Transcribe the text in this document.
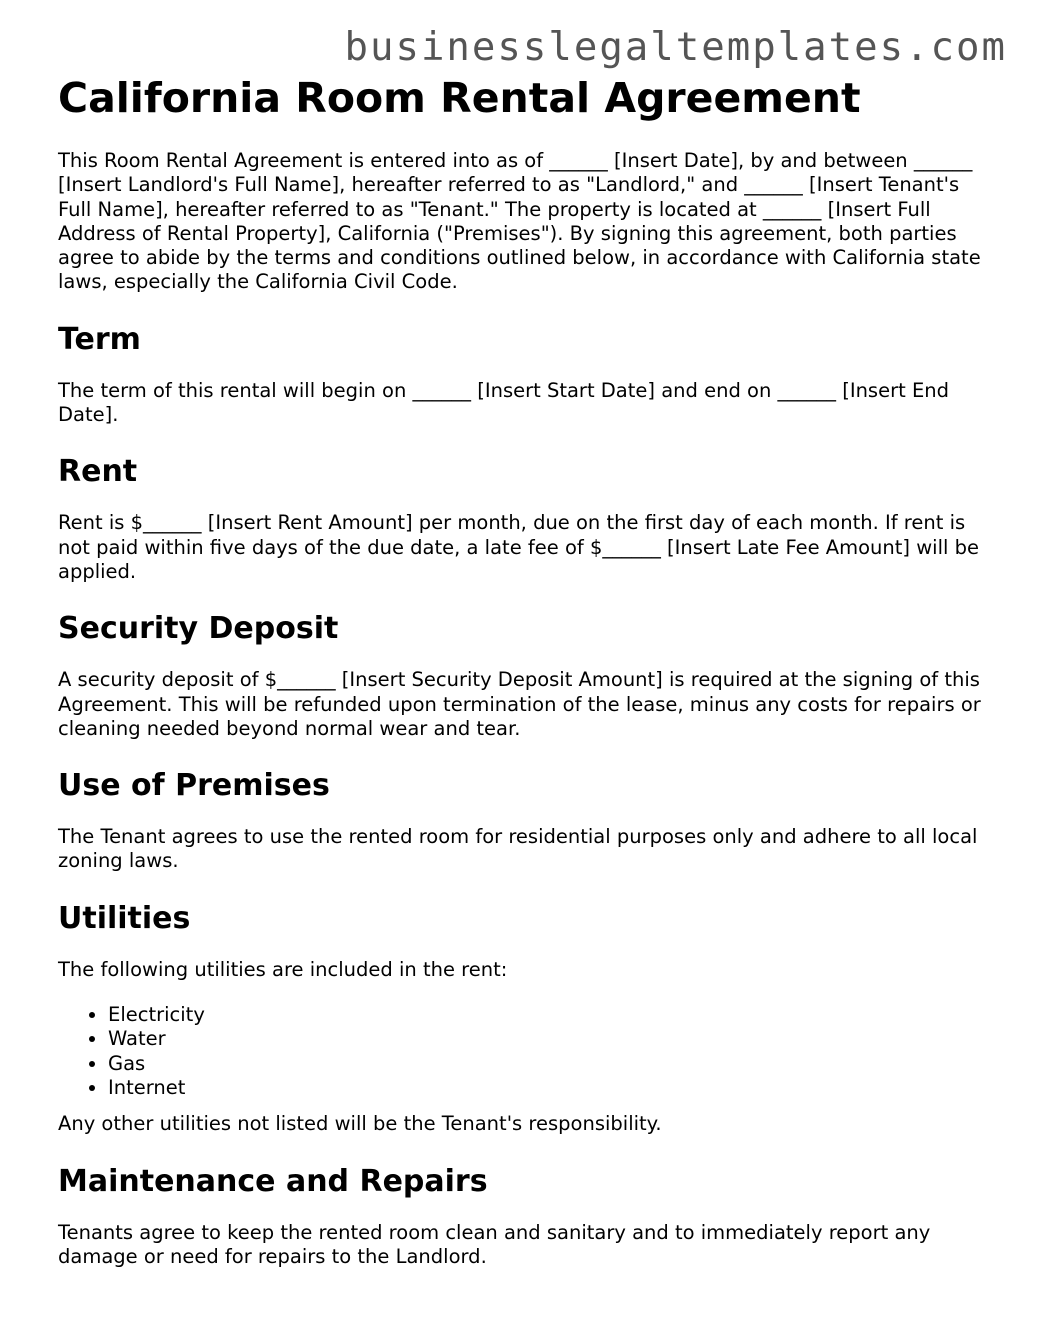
businesslegaltemplates.com
California Room Rental Agreement

This Room Rental Agreement is entered into as of ______ [Insert Date], by and between ______ [Insert Landlord's Full Name], hereafter referred to as "Landlord," and ______ [Insert Tenant's Full Name], hereafter referred to as "Tenant." The property is located at ______ [Insert Full Address of Rental Property], California ("Premises"). By signing this agreement, both parties agree to abide by the terms and conditions outlined below, in accordance with California state laws, especially the California Civil Code.

Term

The term of this rental will begin on ______ [Insert Start Date] and end on ______ [Insert End Date].

Rent

Rent is $______ [Insert Rent Amount] per month, due on the first day of each month. If rent is not paid within five days of the due date, a late fee of $______ [Insert Late Fee Amount] will be applied.

Security Deposit

A security deposit of $______ [Insert Security Deposit Amount] is required at the signing of this Agreement. This will be refunded upon termination of the lease, minus any costs for repairs or cleaning needed beyond normal wear and tear.

Use of Premises

The Tenant agrees to use the rented room for residential purposes only and adhere to all local zoning laws.

Utilities

The following utilities are included in the rent:

• Electricity
• Water
• Gas
• Internet

Any other utilities not listed will be the Tenant's responsibility.

Maintenance and Repairs

Tenants agree to keep the rented room clean and sanitary and to immediately report any damage or need for repairs to the Landlord.
